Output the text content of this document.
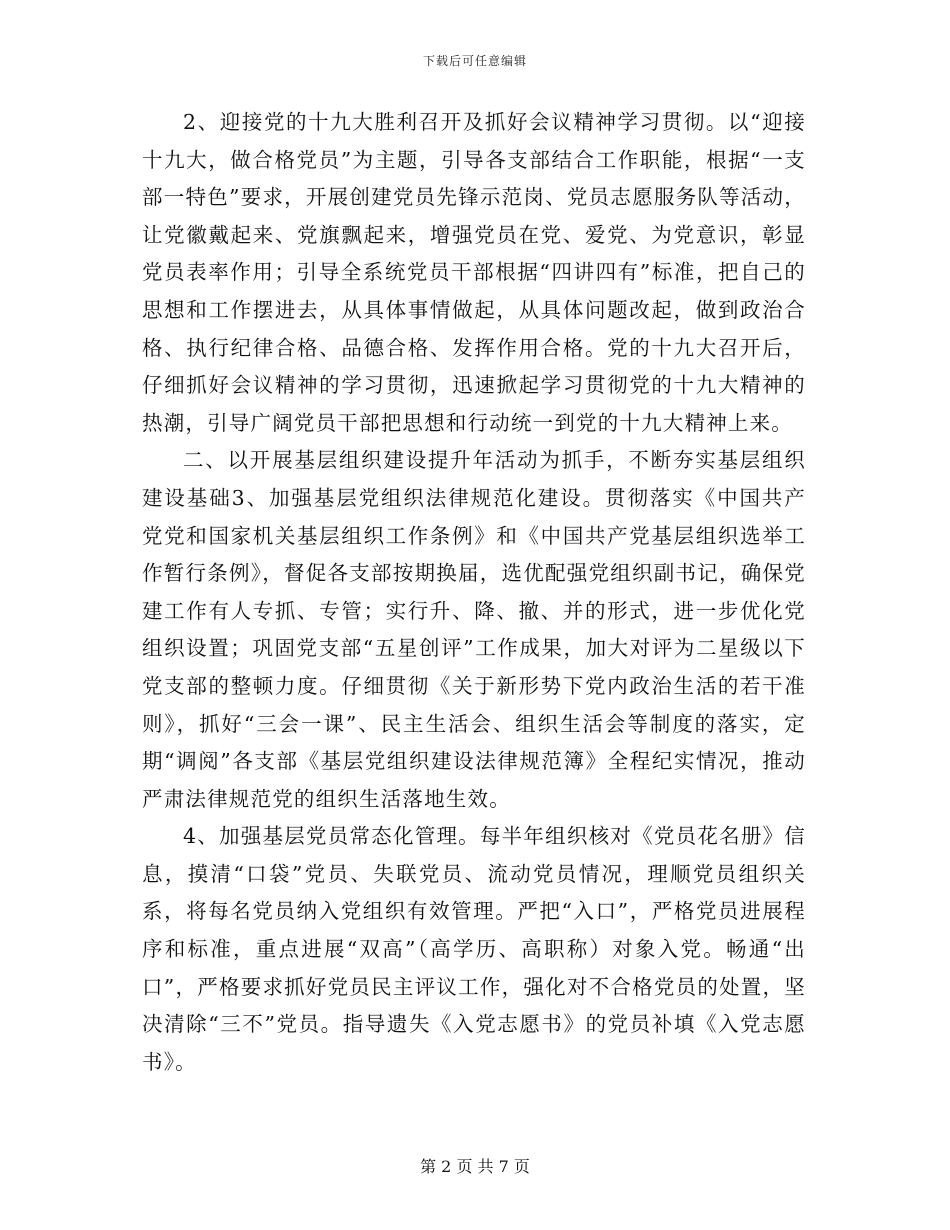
下载后可任意编辑

2、迎接党的十九大胜利召开及抓好会议精神学习贯彻。以“迎接十九大，做合格党员”为主题，引导各支部结合工作职能，根据“一支部一特色”要求，开展创建党员先锋示范岗、党员志愿服务队等活动，让党徽戴起来、党旗飘起来，增强党员在党、爱党、为党意识，彰显党员表率作用；引导全系统党员干部根据“四讲四有”标准，把自己的思想和工作摆进去，从具体事情做起，从具体问题改起，做到政治合格、执行纪律合格、品德合格、发挥作用合格。党的十九大召开后，仔细抓好会议精神的学习贯彻，迅速掀起学习贯彻党的十九大精神的热潮，引导广阔党员干部把思想和行动统一到党的十九大精神上来。

二、以开展基层组织建设提升年活动为抓手，不断夯实基层组织建设基础3、加强基层党组织法律规范化建设。贯彻落实《中国共产党党和国家机关基层组织工作条例》和《中国共产党基层组织选举工作暂行条例》，督促各支部按期换届，选优配强党组织副书记，确保党建工作有人专抓、专管；实行升、降、撤、并的形式，进一步优化党组织设置；巩固党支部“五星创评”工作成果，加大对评为二星级以下党支部的整顿力度。仔细贯彻《关于新形势下党内政治生活的若干准则》，抓好“三会一课”、民主生活会、组织生活会等制度的落实，定期“调阅”各支部《基层党组织建设法律规范簿》全程纪实情况，推动严肃法律规范党的组织生活落地生效。

4、加强基层党员常态化管理。每半年组织核对《党员花名册》信息，摸清“口袋”党员、失联党员、流动党员情况，理顺党员组织关系，将每名党员纳入党组织有效管理。严把“入口”，严格党员进展程序和标准，重点进展“双高”（高学历、高职称）对象入党。畅通“出口”，严格要求抓好党员民主评议工作，强化对不合格党员的处置，坚决清除“三不”党员。指导遗失《入党志愿书》的党员补填《入党志愿书》。

第 2 页 共 7 页
